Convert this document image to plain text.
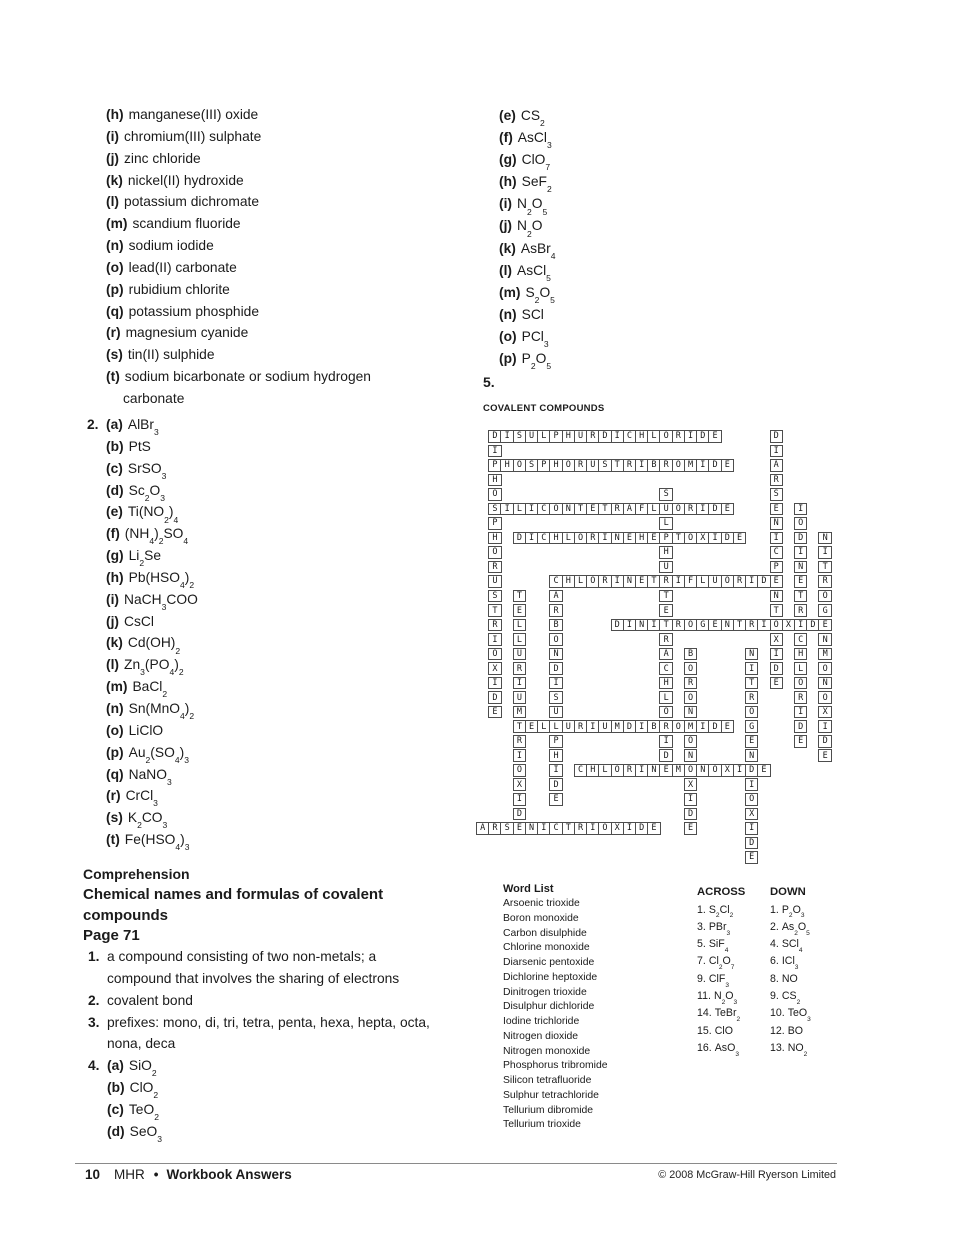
(h) manganese(III) oxide
(i) chromium(III) sulphate
(j) zinc chloride
(k) nickel(II) hydroxide
(l) potassium dichromate
(m) scandium fluoride
(n) sodium iodide
(o) lead(II) carbonate
(p) rubidium chlorite
(q) potassium phosphide
(r) magnesium cyanide
(s) tin(II) sulphide
(t) sodium bicarbonate or sodium hydrogen
carbonate
2. (a) AlBr$_3$
(b) PtS
(c) SrSO$_3$
(d) $Sc_2O_3$
(e) $Ti(NO_2)_4$
(f) $(NH_4)_2SO_4$
(g) $Li_2Se$
(h) $Pb(HSO_4)_2$
(i) NaCH$_3$COO
(j) CsCl
(k) $Cd(OH)_2$
(l) $Zn_3(PO_4)_2$
(m) BaCl$_2$
(n) $Sn(MnO_4)_2$
(o) LiClO
(p) $Au_2(SO_4)_3$
(q) NaNO$_3$
(r) CrCl$_3$
(s) $K_2CO_3$
(t) $Fe(HSO_4)_3$
Comprehension
Chemical names and formulas of covalent
compounds
Page 71
1. a compound consisting of two non-metals; a
compound that involves the sharing of electrons
2. covalent bond
3. prefixes: mono, di, tri, tetra, penta, hexa, hepta, octa,
nona, deca
4. (a) SiO$_2$
(b) ClO$_2$
(c) TeO$_2$
(d) SeO$_3$
(e) $CS_2$
(f) AsCl$_3$
(g) ClO$_7$
(h) SeF$_2$
(i) $N_2O_5$
(j) $N_2O$
(k) AsBr$_4$
(l) AsCl$_5$
(m) $S_2O_5$
(n) SCl
(o) PCl$_3$
(p) $P_2O_5$
5.
COVALENT COMPOUNDS
D I S U L P H U R D I C H L O R I D E
P H O S P H O R U S T R I B R O M I D E
S I L I C O N T E T R A F L U O R I D E
D I C H L O R I N E H E P T O X I D E
C H L O R I N E T R I F L U O R I D E
D I N I T R O G E N T R I O X I D E
T E L L U R I U M D I B R O M I D E
C H L O R I N E M O N O X I D E
A R S E N I C T R I O X I D E
I
H
O
P
H
O
R
U
S
T
R
I
O
X
I
D
E
D
I
A
R
S
E
N
I
C
P
N
T
X
I
D
E
S
L
H
U
T
E
R
A
C
H
L
O
I
D
I
O
D
I
N
E
T
R
C
H
L
O
R
I
D
E
N
I
T
R
O
G
N
M
O
N
O
X
I
D
E
A
R
B
O
N
D
I
S
U
P
H
I
D
E
T
E
L
L
U
R
I
U
M
R
I
O
X
I
D
B
O
R
O
N
O
N
X
I
D
E
N
I
T
R
O
G
E
N
I
O
X
I
D
E
Word List
Arsoenic trioxide
Boron monoxide
Carbon disulphide
Chlorine monoxide
Diarsenic pentoxide
Dichlorine heptoxide
Dinitrogen trioxide
Disulphur dichloride
Iodine trichloride
Nitrogen dioxide
Nitrogen monoxide
Phosphorus tribromide
Silicon tetrafluoride
Sulphur tetrachloride
Tellurium dibromide
Tellurium trioxide
ACROSS
1. $S_2Cl_2$
3. PBr$_3$
5. SiF$_4$
7. $Cl_2O_7$
9. ClF$_3$
11. $N_2O_3$
14. TeBr$_2$
15. ClO
16. AsO$_3$
DOWN
1. $P_2O_3$
2. $As_2O_5$
4. SCl$_4$
6. ICl$_3$
8. NO
9. $CS_2$
10. TeO$_3$
12. BO
13. $NO_2$
10 MHR • Workbook Answers	© 2008 McGraw-Hill Ryerson Limited
